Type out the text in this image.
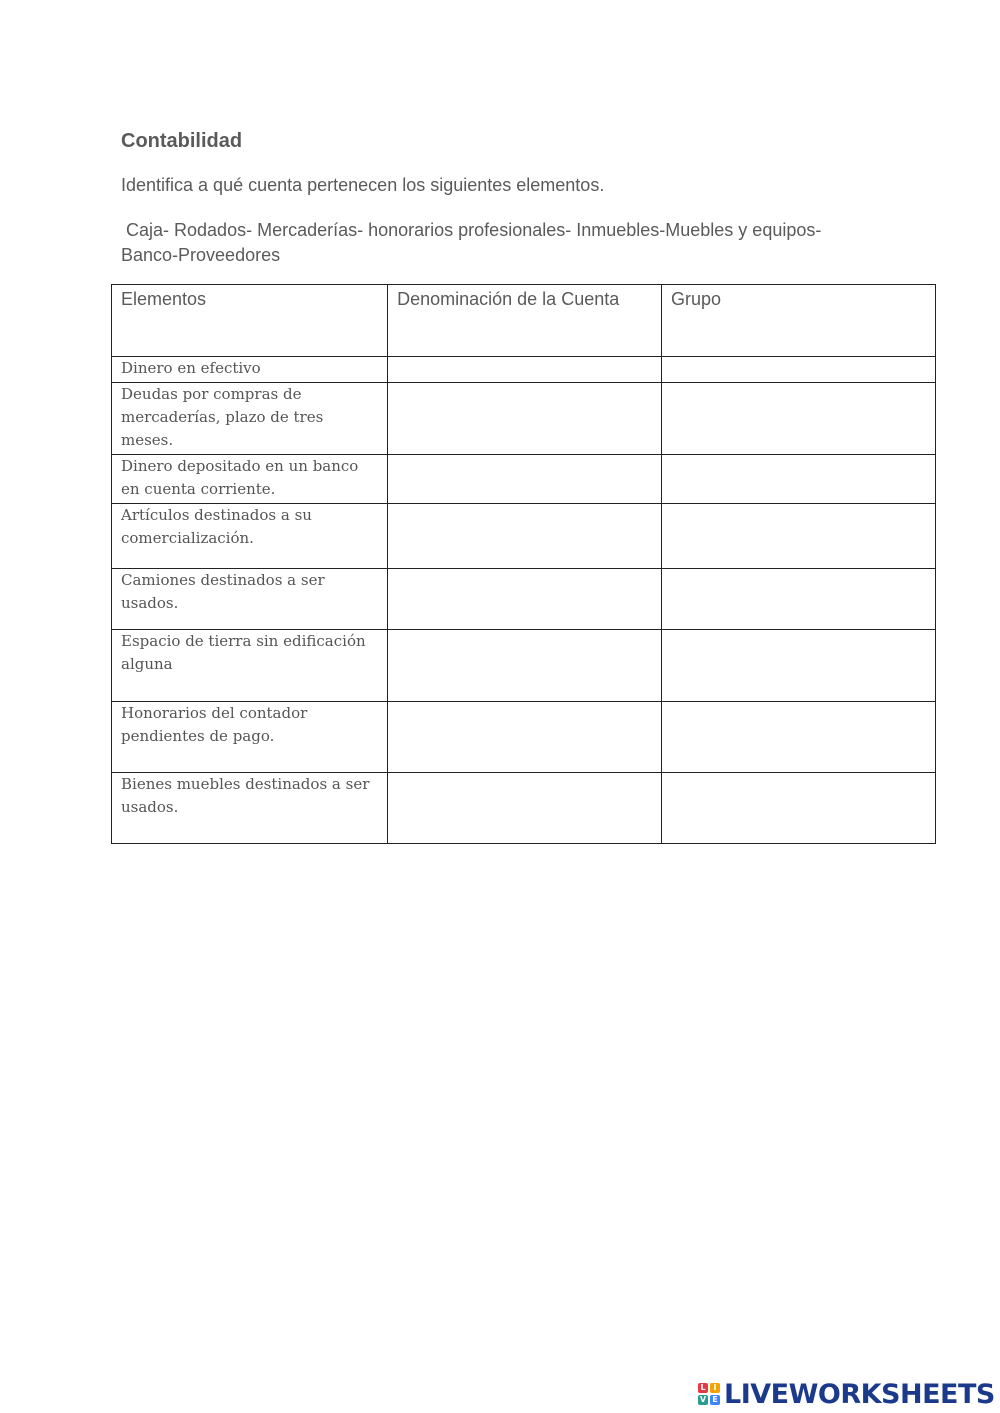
Contabilidad
Identifica a qué cuenta pertenecen los siguientes elementos.
Caja- Rodados- Mercaderías- honorarios profesionales- Inmuebles-Muebles y equipos-Banco-Proveedores
Elementos	Denominación de la Cuenta	Grupo
Dinero en efectivo		
Deudas por compras de mercaderías, plazo de tres meses.		
Dinero depositado en un banco en cuenta corriente.		
Artículos destinados a su comercialización.		
Camiones destinados a ser usados.		
Espacio de tierra sin edificación alguna		
Honorarios del contador pendientes de pago.		
Bienes muebles destinados a ser usados.		
L I
V E LIVEWORKSHEETS
